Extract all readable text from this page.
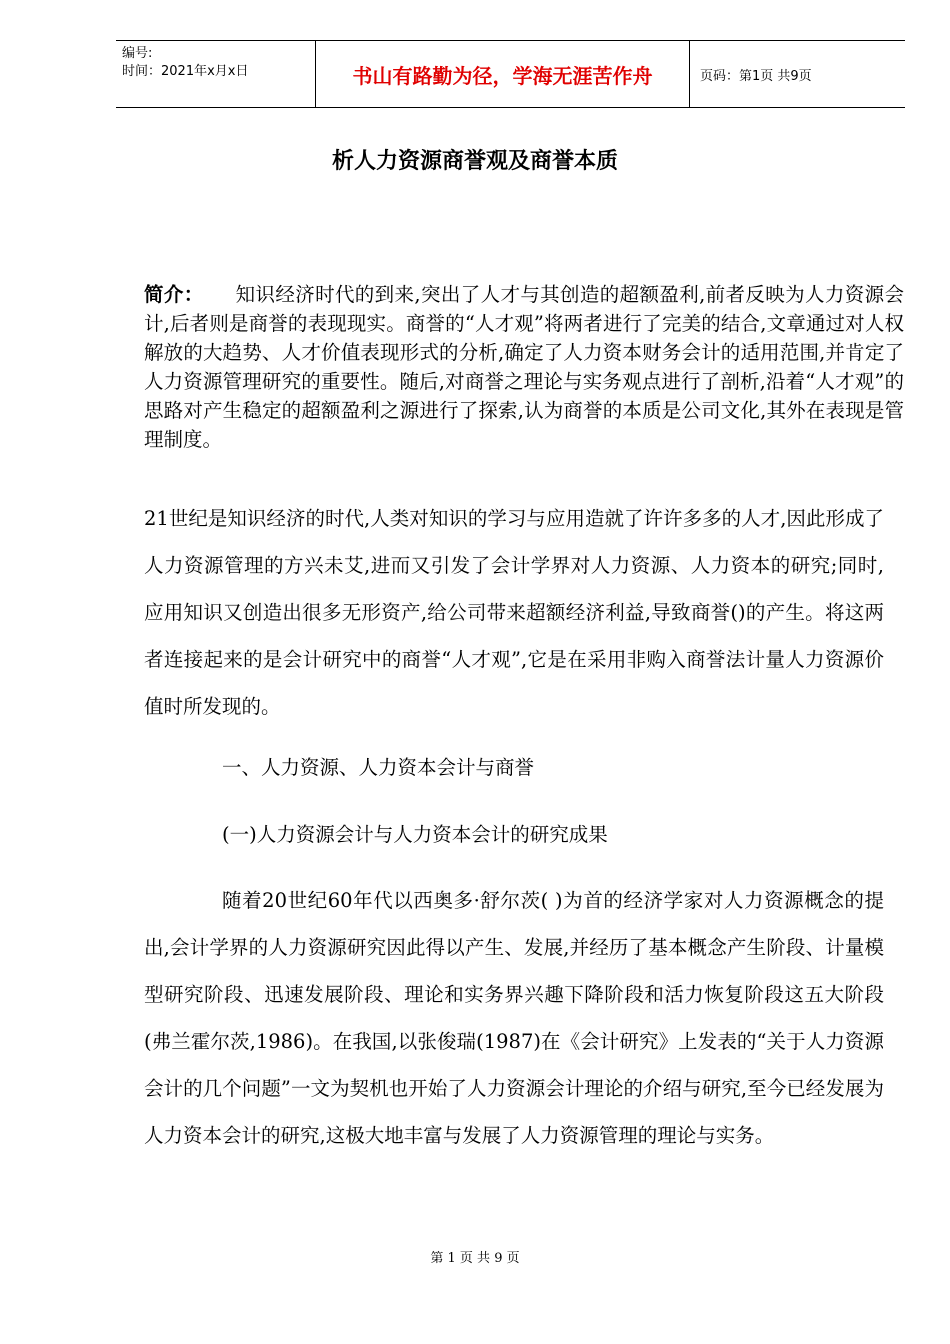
编号:
时间：2021年x月x日	书山有路勤为径，学海无涯苦作舟	页码：第1页 共9页
析人力资源商誉观及商誉本质
简介： 知识经济时代的到来,突出了人才与其创造的超额盈利,前者反映为人力资源会计,后者则是商誉的表现现实。商誉的“人才观”将两者进行了完美的结合,文章通过对人权解放的大趋势、人才价值表现形式的分析,确定了人力资本财务会计的适用范围,并肯定了人力资源管理研究的重要性。随后,对商誉之理论与实务观点进行了剖析,沿着“人才观”的思路对产生稳定的超额盈利之源进行了探索,认为商誉的本质是公司文化,其外在表现是管理制度。

21世纪是知识经济的时代,人类对知识的学习与应用造就了许许多多的人才,因此形成了人力资源管理的方兴未艾,进而又引发了会计学界对人力资源、人力资本的研究;同时,应用知识又创造出很多无形资产,给公司带来超额经济利益,导致商誉()的产生。将这两者连接起来的是会计研究中的商誉“人才观”,它是在采用非购入商誉法计量人力资源价值时所发现的。

一、人力资源、人力资本会计与商誉

(一)人力资源会计与人力资本会计的研究成果

随着20世纪60年代以西奥多·舒尔茨( )为首的经济学家对人力资源概念的提出,会计学界的人力资源研究因此得以产生、发展,并经历了基本概念产生阶段、计量模型研究阶段、迅速发展阶段、理论和实务界兴趣下降阶段和活力恢复阶段这五大阶段(弗兰霍尔茨,1986)。在我国,以张俊瑞(1987)在《会计研究》上发表的“关于人力资源会计的几个问题”一文为契机也开始了人力资源会计理论的介绍与研究,至今已经发展为人力资本会计的研究,这极大地丰富与发展了人力资源管理的理论与实务。

第 1 页 共 9 页
